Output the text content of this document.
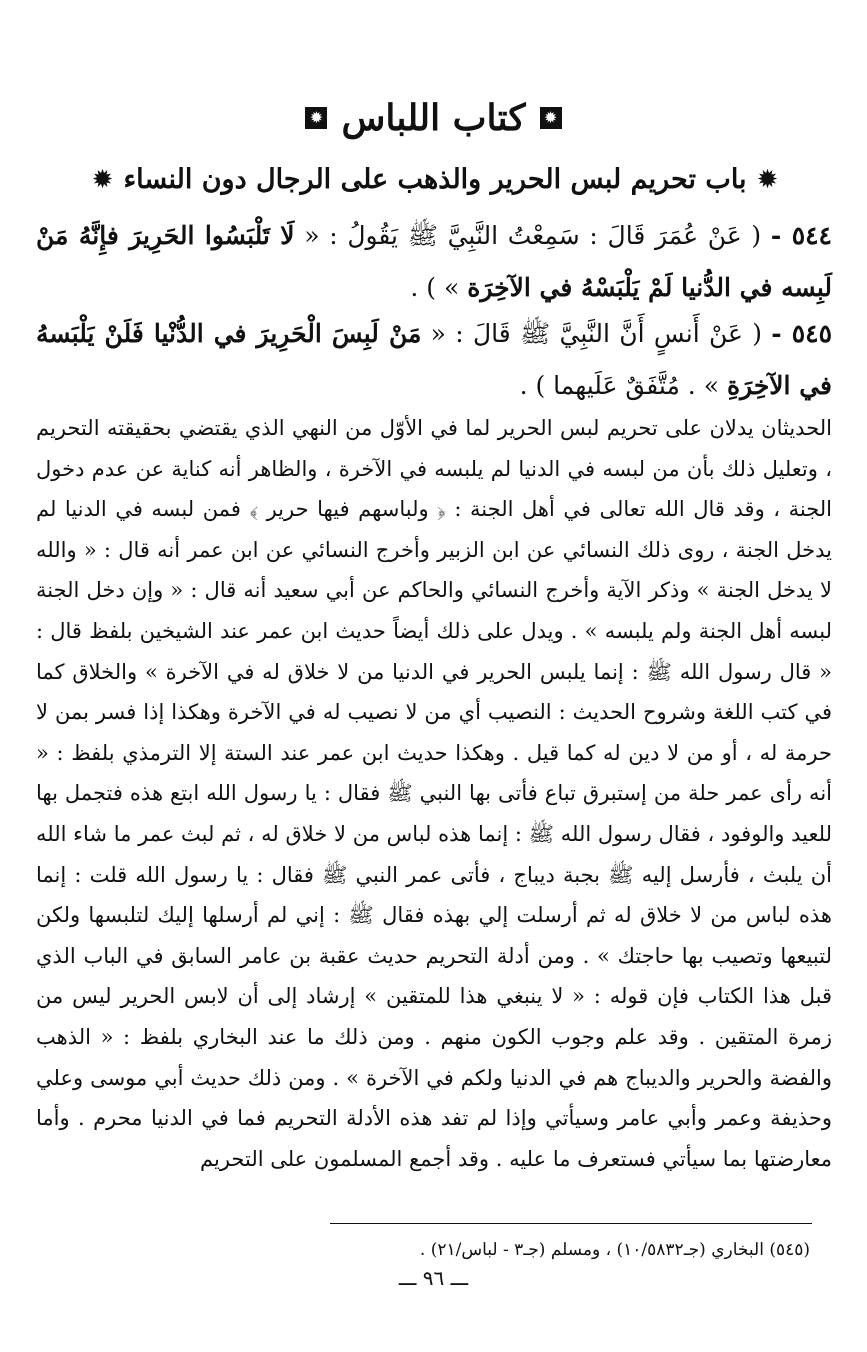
✹
كتاب اللباس
✹
✹
باب تحريم لبس الحرير والذهب على الرجال دون النساء
✹

٥٤٤ - ( عَنْ عُمَرَ قَالَ : سَمِعْتُ النَّبِيَّ ﷺ يَقُولُ : « لَا تَلْبَسُوا الحَرِيرَ فإِنَّهُ مَنْ لَبِسه في الدُّنيا لَمْ يَلْبَسْهُ في الآخِرَة » ) .

٥٤٥ - ( عَنْ أَنسٍ أَنَّ النَّبِيَّ ﷺ قَالَ : « مَنْ لَبِسَ الْحَرِيرَ في الدُّنْيا فَلَنْ يَلْبَسهُ في الآخِرَةِ » . مُتَّفَقٌ عَلَيهما ) .

الحديثان يدلان على تحريم لبس الحرير لما في الأوّل من النهي الذي يقتضي بحقيقته التحريم ، وتعليل ذلك بأن من لبسه في الدنيا لم يلبسه في الآخرة ، والظاهر أنه كناية عن عدم دخول الجنة ، وقد قال الله تعالى في أهل الجنة : ﴿ ولباسهم فيها حرير ﴾ فمن لبسه في الدنيا لم يدخل الجنة ، روى ذلك النسائي عن ابن الزبير وأخرج النسائي عن ابن عمر أنه قال : « والله لا يدخل الجنة » وذكر الآية وأخرج النسائي والحاكم عن أبي سعيد أنه قال : « وإن دخل الجنة لبسه أهل الجنة ولم يلبسه » . ويدل على ذلك أيضاً حديث ابن عمر عند الشيخين بلفظ قال : « قال رسول الله ﷺ : إنما يلبس الحرير في الدنيا من لا خلاق له في الآخرة » والخلاق كما في كتب اللغة وشروح الحديث : النصيب أي من لا نصيب له في الآخرة وهكذا إذا فسر بمن لا حرمة له ، أو من لا دين له كما قيل . وهكذا حديث ابن عمر عند الستة إلا الترمذي بلفظ : « أنه رأى عمر حلة من إستبرق تباع فأتى بها النبي ﷺ فقال : يا رسول الله ابتع هذه فتجمل بها للعيد والوفود ، فقال رسول الله ﷺ : إنما هذه لباس من لا خلاق له ، ثم لبث عمر ما شاء الله أن يلبث ، فأرسل إليه ﷺ بجبة ديباج ، فأتى عمر النبي ﷺ فقال : يا رسول الله قلت : إنما هذه لباس من لا خلاق له ثم أرسلت إلي بهذه فقال ﷺ : إني لم أرسلها إليك لتلبسها ولكن لتبيعها وتصيب بها حاجتك » . ومن أدلة التحريم حديث عقبة بن عامر السابق في الباب الذي قبل هذا الكتاب فإن قوله : « لا ينبغي هذا للمتقين » إرشاد إلى أن لابس الحرير ليس من زمرة المتقين . وقد علم وجوب الكون منهم . ومن ذلك ما عند البخاري بلفظ : « الذهب والفضة والحرير والديباج هم في الدنيا ولكم في الآخرة » . ومن ذلك حديث أبي موسى وعلي وحذيفة وعمر وأبي عامر وسيأتي وإذا لم تفد هذه الأدلة التحريم فما في الدنيا محرم . وأما معارضتها بما سيأتي فستعرف ما عليه . وقد أجمع المسلمون على التحريم

(٥٤٥) البخاري (جـ١٠/٥٨٣٢) ، ومسلم (جـ٣ - لباس/٢١) .

ـــ ٩٦ ـــ
